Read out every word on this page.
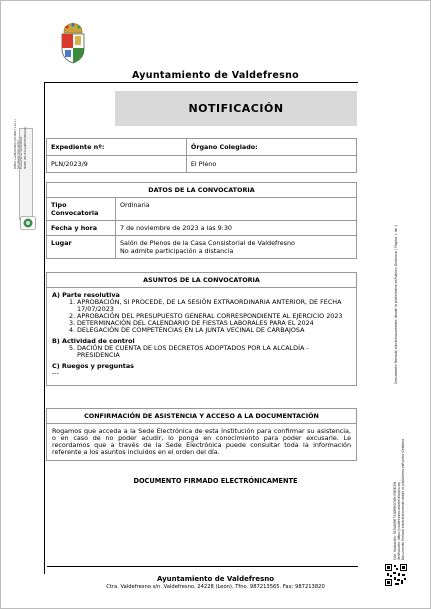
Ayuntamiento de Valdefresno
DIEGO LLAMAZARES CACHÁN (1 de 1) Secretario-Interventor Fecha Firma: 02/11/2023 HASH: 4f0c33e1a6b5f7d8b3e2a
NOTIFICACIÓN
Expediente nº:	Órgano Colegiado:
PLN/2023/9	El Pleno
DATOS DE LA CONVOCATORIA	
Tipo Convocatoria	Ordinaria
Fecha y hora	7 de noviembre de 2023 a las 9:30
Lugar	Salón de Plenos de la Casa Consistorial de Valdefresno
No admite participación a distancia
ASUNTOS DE LA CONVOCATORIA
A) Parte resolutiva
1. APROBACIÓN, SI PROCEDE, DE LA SESIÓN EXTRAORDINARIA ANTERIOR, DE FECHA 17/07/2023
2. APROBACIÓN DEL PRESUPUESTO GENERAL CORRESPONDIENTE AL EJERCICIO 2023
3. DETERMINACIÓN DEL CALENDARIO DE FIESTAS LABORALES PARA EL 2024
4. DELEGACIÓN DE COMPETENCIAS EN LA JUNTA VECINAL DE CARBAJOSA
B) Actividad de control
5. DACIÓN DE CUENTA DE LOS DECRETOS ADOPTADOS POR LA ALCALDÍA - PRESIDENCIA
C) Ruegos y preguntas
---
CONFIRMACIÓN DE ASISTENCIA Y ACCESO A LA DOCUMENTACIÓN
Rogamos que acceda a la Sede Electrónica de esta institución para confirmar su asistencia, o en caso de no poder acudir, lo ponga en conocimiento para poder excusarle. Le recordamos que a través de la Sede Electrónica puede consultar toda la información referente a los asuntos incluidos en el orden del día.
DOCUMENTO FIRMADO ELECTRÓNICAMENTE
Ayuntamiento de Valdefresno
Ctra. Valdefresno s/n. Valdefresno. 24228 (León). Tfno. 987213565. Fax: 987213820
Documento firmado electrónicamente desde la plataforma esPublico Gestiona | Página 1 de 1
Cód. Validación: 9C9A6WR7X2EMHSC9EH7MSE3W Verificación: https://valdefresno.sedelectronica.es/ Documento firmado electrónicamente desde la plataforma esPublico Gestiona
